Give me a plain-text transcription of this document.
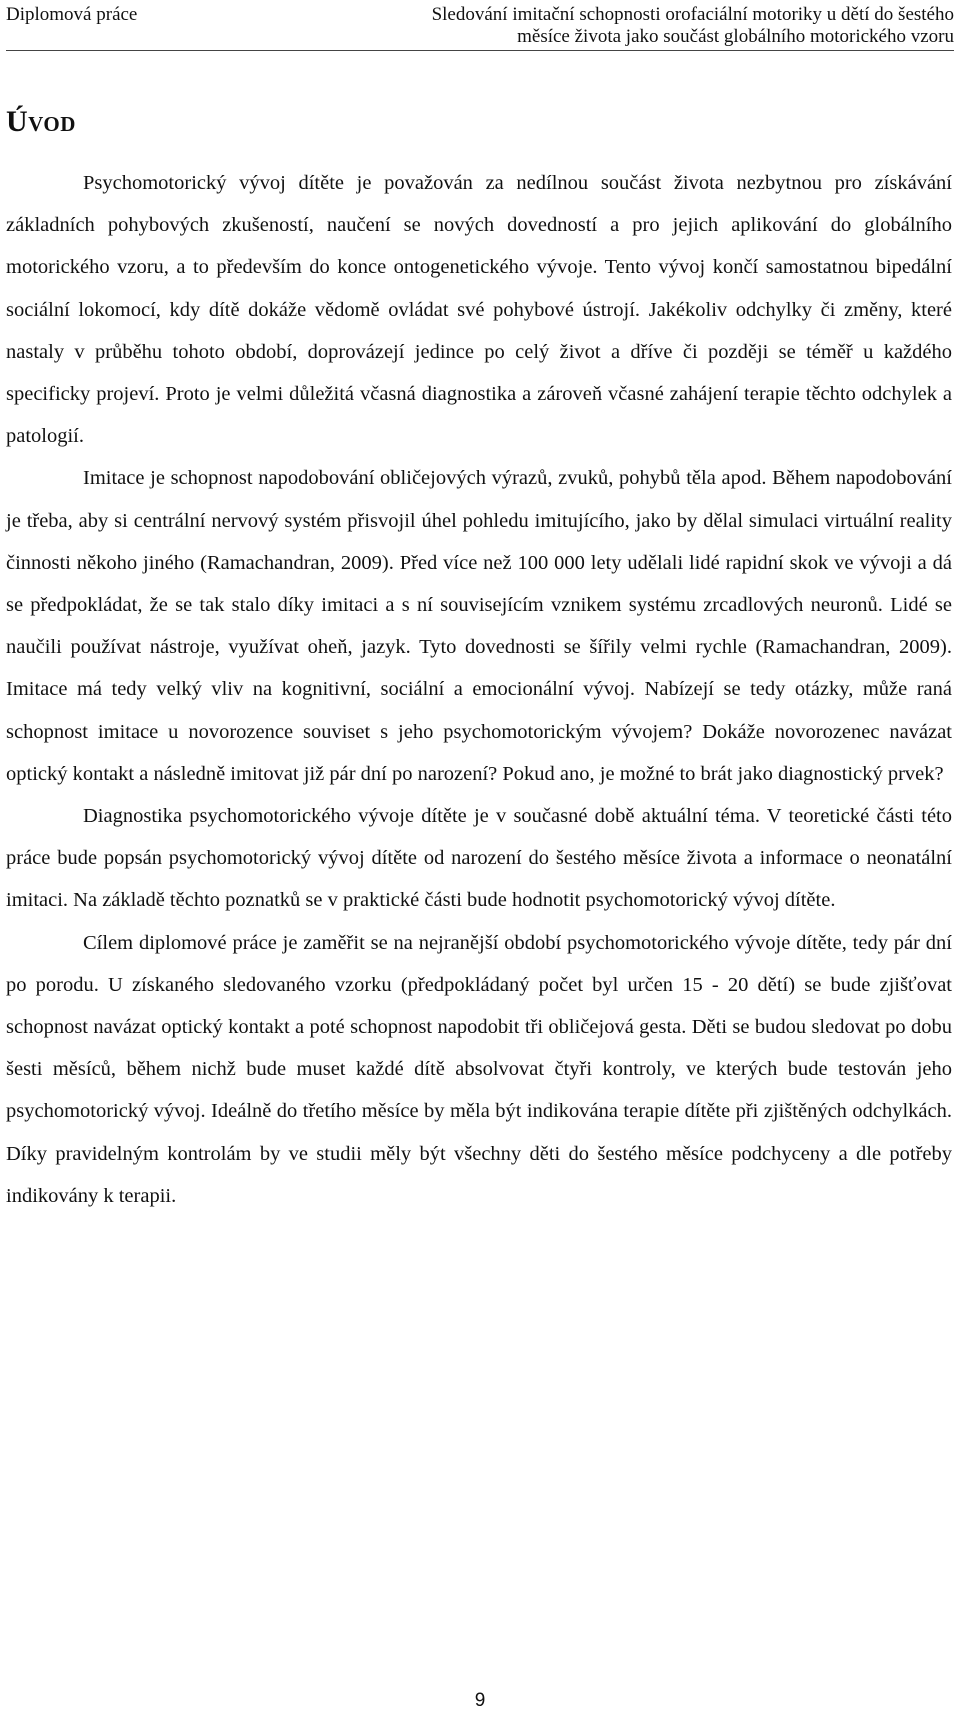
Diplomová práce	Sledování imitační schopnosti orofaciální motoriky u dětí do šestého
měsíce života jako součást globálního motorického vzoru
Úvod

Psychomotorický vývoj dítěte je považován za nedílnou součást života nezbytnou pro získávání základních pohybových zkušeností, naučení se nových dovedností a pro jejich aplikování do globálního motorického vzoru, a to především do konce ontogenetického vývoje. Tento vývoj končí samostatnou bipedální sociální lokomocí, kdy dítě dokáže vědomě ovládat své pohybové ústrojí. Jakékoliv odchylky či změny, které nastaly v průběhu tohoto období, doprovázejí jedince po celý život a dříve či později se téměř u každého specificky projeví. Proto je velmi důležitá včasná diagnostika a zároveň včasné zahájení terapie těchto odchylek a patologií.

Imitace je schopnost napodobování obličejových výrazů, zvuků, pohybů těla apod. Během napodobování je třeba, aby si centrální nervový systém přisvojil úhel pohledu imitujícího, jako by dělal simulaci virtuální reality činnosti někoho jiného (Ramachandran, 2009). Před více než 100 000 lety udělali lidé rapidní skok ve vývoji a dá se předpokládat, že se tak stalo díky imitaci a s ní souvisejícím vznikem systému zrcadlových neuronů. Lidé se naučili používat nástroje, využívat oheň, jazyk. Tyto dovednosti se šířily velmi rychle (Ramachandran, 2009). Imitace má tedy velký vliv na kognitivní, sociální a emocionální vývoj. Nabízejí se tedy otázky, může raná schopnost imitace u novorozence souviset s jeho psychomotorickým vývojem? Dokáže novorozenec navázat optický kontakt a následně imitovat již pár dní po narození? Pokud ano, je možné to brát jako diagnostický prvek?

Diagnostika psychomotorického vývoje dítěte je v současné době aktuální téma. V teoretické části této práce bude popsán psychomotorický vývoj dítěte od narození do šestého měsíce života a informace o neonatální imitaci. Na základě těchto poznatků se v praktické části bude hodnotit psychomotorický vývoj dítěte.

Cílem diplomové práce je zaměřit se na nejranější období psychomotorického vývoje dítěte, tedy pár dní po porodu. U získaného sledovaného vzorku (předpokládaný počet byl určen 15 - 20 dětí) se bude zjišťovat schopnost navázat optický kontakt a poté schopnost napodobit tři obličejová gesta. Děti se budou sledovat po dobu šesti měsíců, během nichž bude muset každé dítě absolvovat čtyři kontroly, ve kterých bude testován jeho psychomotorický vývoj. Ideálně do třetího měsíce by měla být indikována terapie dítěte při zjištěných odchylkách. Díky pravidelným kontrolám by ve studii měly být všechny děti do šestého měsíce podchyceny a dle potřeby indikovány k terapii.

9
